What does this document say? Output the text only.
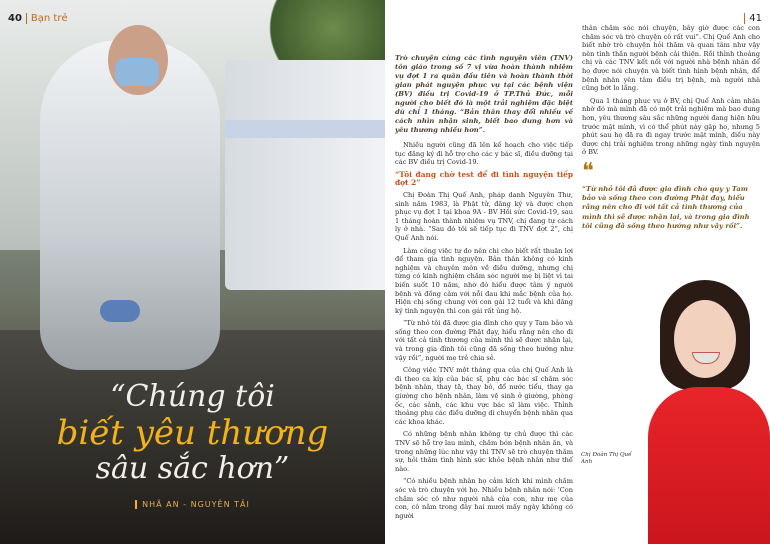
40 Bạn trẻ
“Chúng tôi
biết yêu thương
sâu sắc hơn”
NHÃ AN - NGUYÊN TẢI
41
Trò chuyện cùng các tình nguyện viên (TNV) tôn giáo trong số 7 vị vừa hoàn thành nhiệm vụ đợt 1 ra quân đầu tiên và hoàn thành thời gian phát nguyện phục vụ tại các bệnh viện (BV) điều trị Covid-19 ở TP.Thủ Đức, mỗi người cho biết đó là một trải nghiệm đặc biệt dù chỉ 1 tháng. “Bản thân thay đổi nhiều về cách nhìn nhận sinh, biết bao dung hơn và yêu thương nhiều hơn”.

Nhiều người cũng đã lên kế hoạch cho việc tiếp tục đăng ký đi hỗ trợ cho các y bác sĩ, điều dưỡng tại các BV điều trị Covid-19.

“Tôi đang chờ test để đi tình nguyện tiếp đợt 2”

Chị Đoàn Thị Quế Anh, pháp danh Nguyên Thư, sinh năm 1983, là Phật tử, đăng ký và được chọn phục vụ đợt 1 tại khoa 9A - BV Hồi sức Covid-19, sau 1 tháng hoàn thành nhiệm vụ TNV, chị đang tự cách ly ở nhà. “Sau đó tôi sẽ tiếp tục đi TNV đợt 2”, chị Quế Anh nói.

Làm công việc tự do nên chị cho biết rất thuận lợi để tham gia tình nguyện. Bản thân không có kinh nghiệm và chuyên môn về điều dưỡng, nhưng chị từng có kinh nghiệm chăm sóc người mẹ bị liệt vì tai biến suốt 10 năm, nhờ đó hiểu được tâm ý người bệnh và đồng cảm với nỗi đau khi mắc bệnh của họ. Hiện chị sống chung với con gái 12 tuổi và khi đăng ký tình nguyện thì con gái rất ủng hộ.

“Từ nhỏ tôi đã được gia đình cho quy y Tam bảo và sống theo con đường Phật đạy, hiểu rằng nên cho đi với tất cả tình thương của mình thì sẽ được nhận lại, và trong gia đình tôi cũng đã sống theo hướng như vậy rồi”, người mẹ trẻ chia sẻ.

Công việc TNV một tháng qua của chị Quế Anh là đi theo ca kíp của bác sĩ, phụ các bác sĩ chăm sóc bệnh nhân, thay tã, thay bô, đổ nước tiểu, thay ga giường cho bệnh nhân, làm vệ sinh ở giường, phòng ốc, các sảnh, các khu vực bác sĩ làm việc. Thỉnh thoảng phụ các điều dưỡng di chuyển bệnh nhân qua các khoa khác.

Có những bệnh nhân không tự chủ được thì các TNV sẽ hỗ trợ lau mình, chăm bón bệnh nhân ăn, và trong những lúc như vậy thì TNV sẽ trò chuyện thăm sự, hỏi thăm tình hình sức khỏe bệnh nhân như thế nào.

“Có nhiều bệnh nhân họ cảm kích khi mình chăm sóc và trò chuyện với họ. Nhiều bệnh nhân nói: ‘Con chăm sóc cô như người nhà của con, như mẹ của con, cô nằm trong đây hai mươi mấy ngày không có người

thân chăm sóc nói chuyện, bây giờ được các con chăm sóc và trò chuyện cô rất vui”. Chị Quế Anh cho biết nhờ trò chuyện hỏi thăm và quan tâm như vậy nên tinh thần người bệnh cải thiện. Rồi thỉnh thoảng chị và các TNV kết nối với người nhà bệnh nhân để họ được nói chuyện và biết tình hình bệnh nhân, để bệnh nhân yên tâm điều trị bệnh, mà người nhà cũng bớt lo lắng.

Qua 1 tháng phục vụ ở BV, chị Quế Anh cảm nhận nhờ đó mà mình đã có một trải nghiệm mà bao dung hơn, yêu thương sâu sắc những người đang hiện hữu trước mặt mình, vì có thể phút này gặp họ, nhưng 5 phút sau họ đã ra đi ngay trước mặt mình, điều này được chị trải nghiệm trong những ngày tình nguyện ở BV.

❝
“Từ nhỏ tôi đã được gia đình cho quy y Tam bảo và sống theo con đường Phật đạy, hiểu rằng nên cho đi với tất cả tình thương của mình thì sẽ được nhận lại, và trong gia đình tôi cũng đã sống theo hướng như vậy rồi”.
Chị Đoàn Thị Quế Anh
